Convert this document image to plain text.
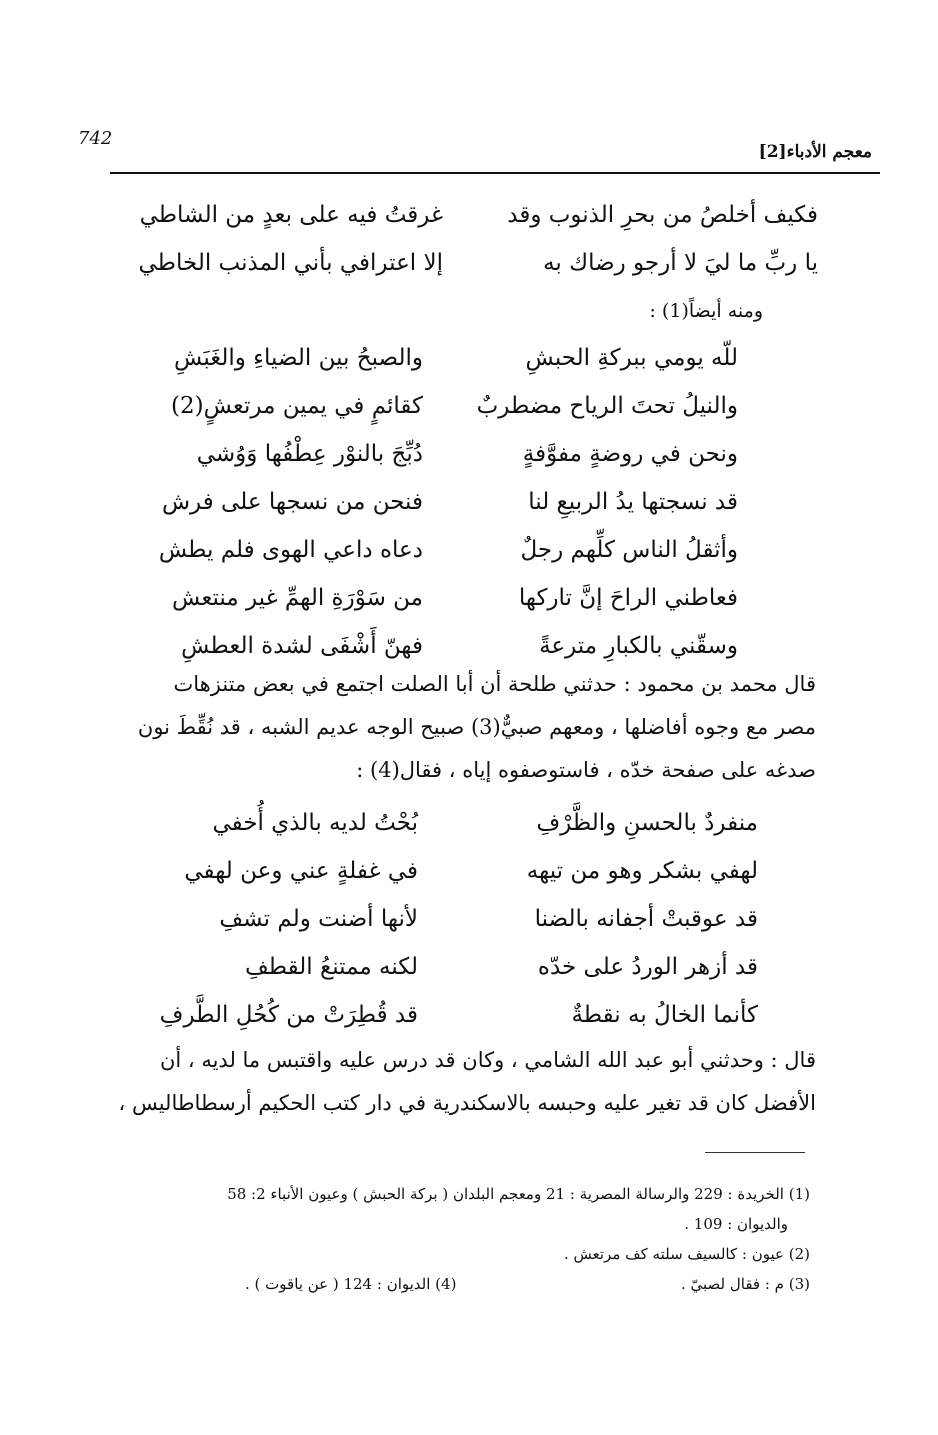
742
معجم الأدباء[2]
فكيف أخلصُ من بحرِ الذنوب وقد
غرقتُ فيه على بعدٍ من الشاطي
يا ربِّ ما ليَ لا أرجو رضاك به
إلا اعترافي بأني المذنب الخاطي
ومنه أيضاً(1) :
للّه يومي ببركةِ الحبشِ
والصبحُ بين الضياءِ والغَبَشِ
والنيلُ تحتَ الرياح مضطربٌ
كقائمٍ في يمين مرتعشٍ(2)
ونحن في روضةٍ مفوَّفةٍ
دُبِّجَ بالنوْر عِطْفُها وَوُشي
قد نسجتها يدُ الربيعِ لنا
فنحن من نسجها على فرش
وأثقلُ الناس كلِّهم رجلٌ
دعاه داعي الهوى فلم يطش
فعاطني الراحَ إنَّ تاركها
من سَوْرَةِ الهمِّ غير منتعش
وسقّني بالكبارِ مترعةً
فهنّ أَشْفَى لشدة العطشِ
قال محمد بن محمود : حدثني طلحة أن أبا الصلت اجتمع في بعض متنزهات
مصر مع وجوه أفاضلها ، ومعهم صبيٌّ(3) صبيح الوجه عديم الشبه ، قد نُقِّطَ نون
صدغه على صفحة خدّه ، فاستوصفوه إياه ، فقال(4) :
منفردٌ بالحسنِ والظَّرْفِ
بُحْتُ لديه بالذي أُخفي
لهفي بشكر وهو من تيهه
في غفلةٍ عني وعن لهفي
قد عوقبتْ أجفانه بالضنا
لأنها أضنت ولم تشفِ
قد أزهر الوردُ على خدّه
لكنه ممتنعُ القطفِ
كأنما الخالُ به نقطةٌ
قد قُطِرَتْ من كُحُلِ الطَّرفِ
قال : وحدثني أبو عبد الله الشامي ، وكان قد درس عليه واقتبس ما لديه ، أن
الأفضل كان قد تغير عليه وحبسه بالاسكندرية في دار كتب الحكيم أرسطاطاليس ،
(1) الخريدة : 229 والرسالة المصرية : 21 ومعجم البلدان ( بركة الحبش ) وعيون الأنباء 2: 58
والديوان : 109 .
(2) عيون : كالسيف سلته كف مرتعش .
(3) م : فقال لصبيّ .
(4) الديوان : 124 ( عن ياقوت ) .
